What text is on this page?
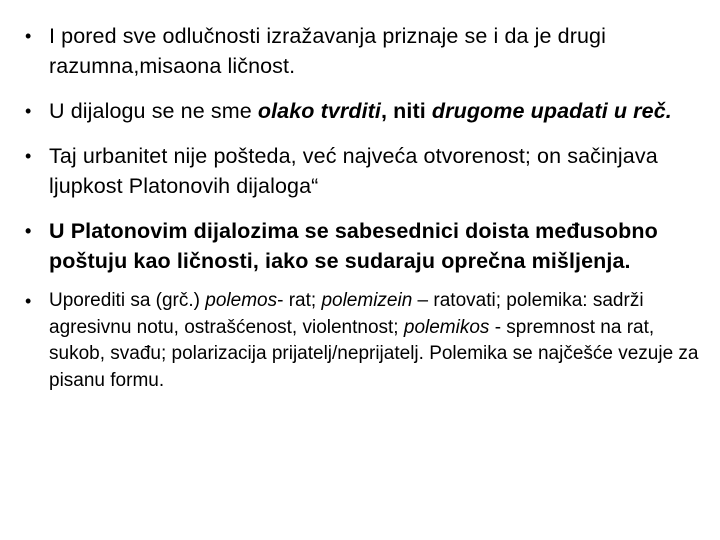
• I pored sve odlučnosti izražavanja priznaje se i da je drugi razumna,misaona ličnost.
• U dijalogu se ne sme olako tvrditi, niti drugome upadati u reč.
• Taj urbanitet nije pošteda, već najveća otvorenost; on sačinjava ljupkost Platonovih dijaloga“
• U Platonovim dijalozima se sabesednici doista međusobno poštuju kao ličnosti, iako se sudaraju oprečna mišljenja.
• Uporediti sa (grč.) polemos- rat; polemizein – ratovati; polemika: sadrži agresivnu notu, ostrašćenost, violentnost; polemikos - spremnost na rat, sukob, svađu; polarizacija prijatelj/neprijatelj. Polemika se najčešće vezuje za pisanu formu.
